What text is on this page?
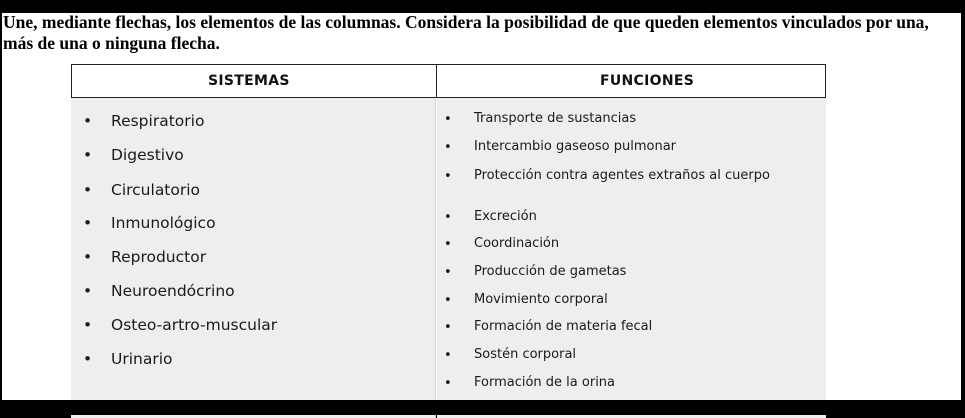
Une, mediante flechas, los elementos de las columnas. Considera la posibilidad de que queden elementos vinculados por una, más de una o ninguna flecha.
SISTEMAS	FUNCIONES
• Respiratorio
• Digestivo
• Circulatorio
• Inmunológico
• Reproductor
• Neuroendócrino
• Osteo-artro-muscular
• Urinario
• Transporte de sustancias
• Intercambio gaseoso pulmonar
• Protección contra agentes extraños al cuerpo
• Excreción
• Coordinación
• Producción de gametas
• Movimiento corporal
• Formación de materia fecal
• Sostén corporal
• Formación de la orina
